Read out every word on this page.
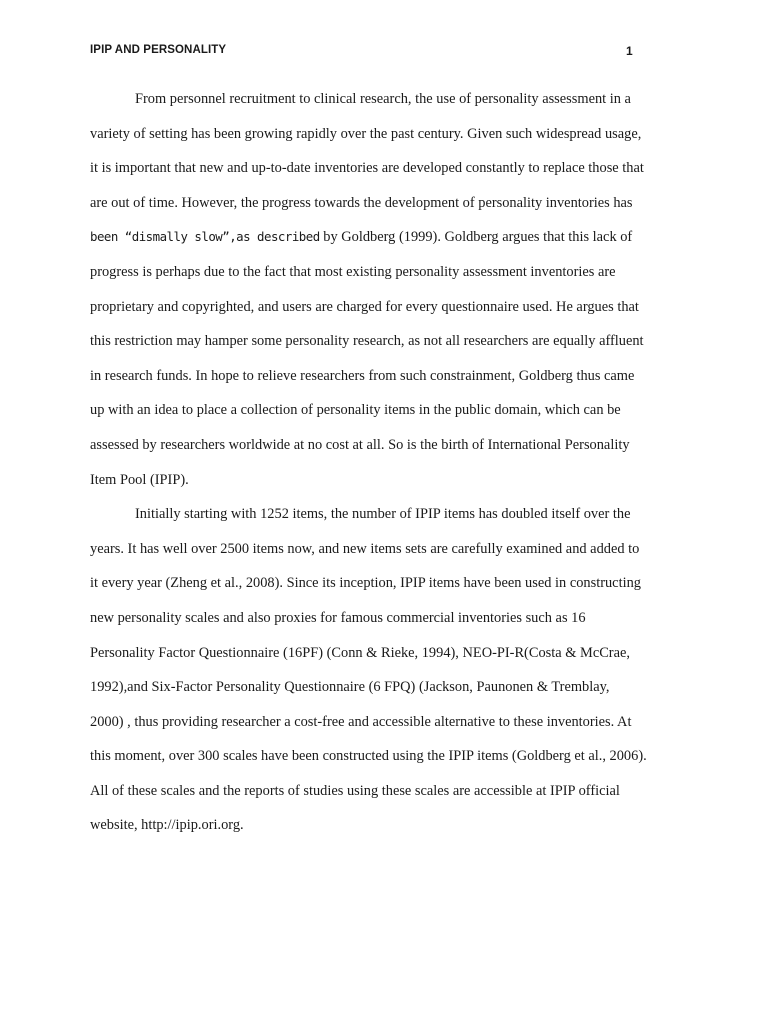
IPIP AND PERSONALITY	1
From personnel recruitment to clinical research, the use of personality assessment in a
variety of setting has been growing rapidly over the past century. Given such widespread usage,
it is important that new and up-to-date inventories are developed constantly to replace those that
are out of time. However, the progress towards the development of personality inventories has
been “dismally slow”,as described by Goldberg (1999). Goldberg argues that this lack of
progress is perhaps due to the fact that most existing personality assessment inventories are
proprietary and copyrighted, and users are charged for every questionnaire used. He argues that
this restriction may hamper some personality research, as not all researchers are equally affluent
in research funds. In hope to relieve researchers from such constrainment, Goldberg thus came
up with an idea to place a collection of personality items in the public domain, which can be
assessed by researchers worldwide at no cost at all. So is the birth of International Personality
Item Pool (IPIP).
Initially starting with 1252 items, the number of IPIP items has doubled itself over the
years. It has well over 2500 items now, and new items sets are carefully examined and added to
it every year (Zheng et al., 2008). Since its inception, IPIP items have been used in constructing
new personality scales and also proxies for famous commercial inventories such as 16
Personality Factor Questionnaire (16PF) (Conn & Rieke, 1994), NEO-PI-R(Costa & McCrae,
1992),and Six-Factor Personality Questionnaire (6 FPQ) (Jackson, Paunonen & Tremblay,
2000) , thus providing researcher a cost-free and accessible alternative to these inventories. At
this moment, over 300 scales have been constructed using the IPIP items (Goldberg et al., 2006).
All of these scales and the reports of studies using these scales are accessible at IPIP official
website, http://ipip.ori.org.
